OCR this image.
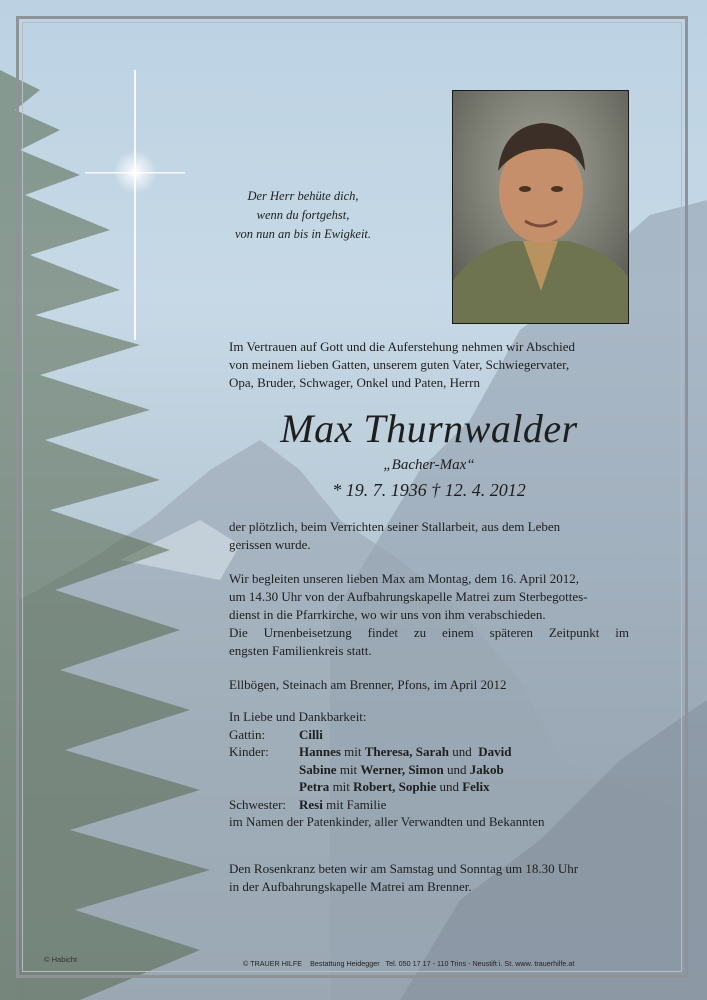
Der Herr behüte dich,
wenn du fortgehst,
von nun an bis in Ewigkeit.
Im Vertrauen auf Gott und die Auferstehung nehmen wir Abschied
von meinem lieben Gatten, unserem guten Vater, Schwiegervater,
Opa, Bruder, Schwager, Onkel und Paten, Herrn
Max Thurnwalder
„Bacher-Max“
* 19. 7. 1936 † 12. 4. 2012
der plötzlich, beim Verrichten seiner Stallarbeit, aus dem Leben
gerissen wurde.
Wir begleiten unseren lieben Max am Montag, dem 16. April 2012,
um 14.30 Uhr von der Aufbahrungskapelle Matrei zum Sterbegottes-
dienst in die Pfarrkirche, wo wir uns von ihm verabschieden.
Die Urnenbeisetzung findet zu einem späteren Zeitpunkt im
engsten Familienkreis statt.
Ellbögen, Steinach am Brenner, Pfons, im April 2012
In Liebe und Dankbarkeit:
Gattin:	Cilli
Kinder: Hannes mit Theresa, Sarah und  David
Sabine mit Werner, Simon und Jakob
Petra mit Robert, Sophie und Felix
Schwester: Resi mit Familie
im Namen der Patenkinder, aller Verwandten und Bekannten
Den Rosenkranz beten wir am Samstag und Sonntag um 18.30 Uhr
in der Aufbahrungskapelle Matrei am Brenner.
© Habicht	© TRAUER HILFE Bestattung Heidegger Tel. 050 17 17 - 110 Trins - Neustift i. St. www. trauerhilfe.at
